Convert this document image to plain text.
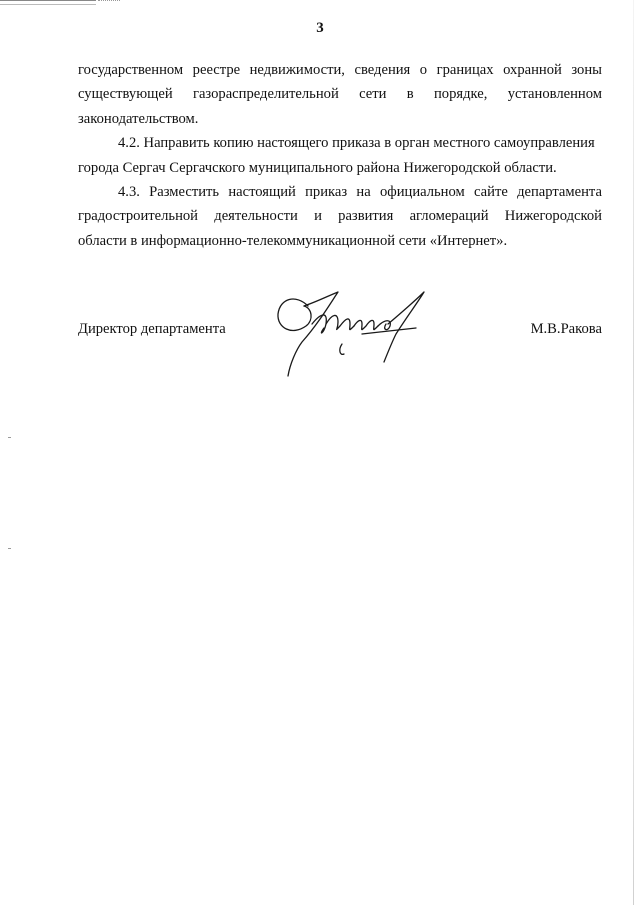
3

государственном реестре недвижимости, сведения о границах охранной зоны
существующей газораспределительной сети в порядке, установленном
законодательством.

4.2. Направить копию настоящего приказа в орган местного самоуправления
города Сергач Сергачского муниципального района Нижегородской области.

4.3. Разместить настоящий приказ на официальном сайте департамента
градостроительной деятельности и развития агломераций Нижегородской
области в информационно-телекоммуникационной сети «Интернет».

Директор департамента	М.В.Ракова
